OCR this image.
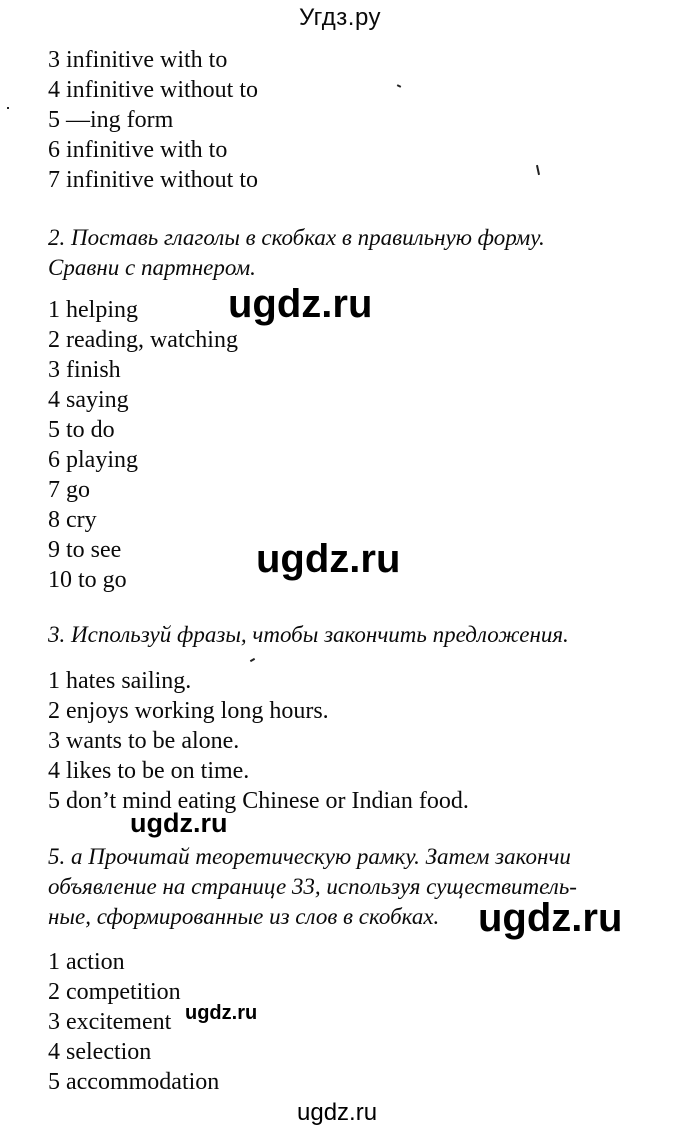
Угдз.ру
3 infinitive with to
4 infinitive without to
5 —ing form
6 infinitive with to
7 infinitive without to

2. Поставь глаголы в скобках в правильную форму.

Сравни с партнером.

1 helping
2 reading, watching
3 finish
4 saying
5 to do
6 playing
7 go
8 cry
9 to see
10 to go

3. Используй фразы, чтобы закончить предложения.

1 hates sailing.
2 enjoys working long hours.
3 wants to be alone.
4 likes to be on time.
5 don’t mind eating Chinese or Indian food.

5. а Прочитай теоретическую рамку. Затем закончи

объявление на странице 33, используя существитель-

ные, сформированные из слов в скобках.

1 action
2 competition
3 excitement
4 selection
5 accommodation
ugdz.ru
ugdz.ru
ugdz.ru
ugdz.ru
ugdz.ru
ugdz.ru
